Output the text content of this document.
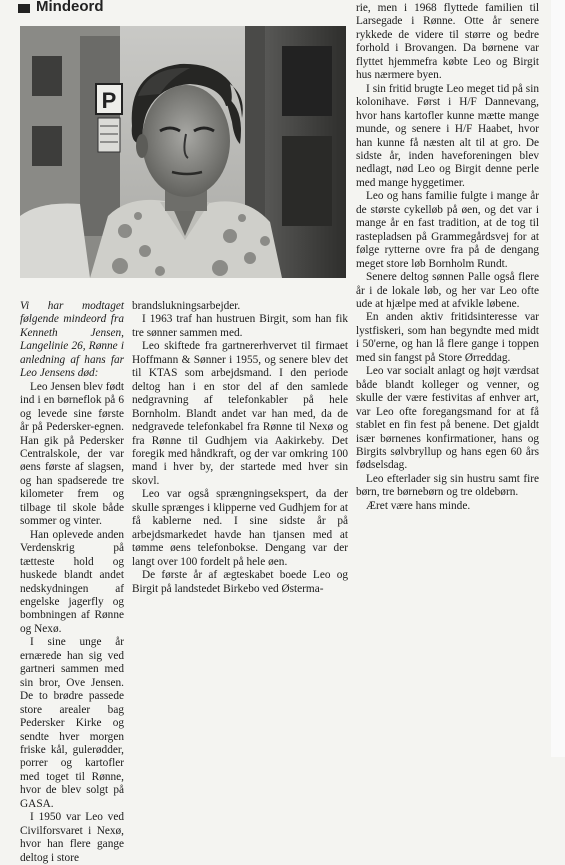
Mindeord
P

Vi har modtaget følgende mindeord fra Kenneth Jensen, Langelinie 26, Rønne i anledning af hans far Leo Jensens død:

Leo Jensen blev født ind i en børneflok på 6 og levede sine første år på Pedersker-egnen. Han gik på Pedersker Centralskole, der var øens første af slagsen, og han spadserede tre kilometer frem og tilbage til skole både sommer og vinter.

Han oplevede anden Verdenskrig på tætteste hold og huskede blandt andet nedskydningen af engelske jagerfly og bombningen af Rønne og Nexø.

I sine unge år ernærede han sig ved gartneri sammen med sin bror, Ove Jensen. De to brødre passede store arealer bag Pedersker Kirke og sendte hver morgen friske kål, gulerødder, porrer og kartofler med toget til Rønne, hvor de blev solgt på GASA.

I 1950 var Leo ved Civilforsvaret i Nexø, hvor han flere gange deltog i store

brandslukningsarbejder.

I 1963 traf han hustruen Birgit, som han fik tre sønner sammen med.

Leo skiftede fra gartnererhvervet til firmaet Hoffmann & Sønner i 1955, og senere blev det til KTAS som arbejdsmand. I den periode deltog han i en stor del af den samlede nedgravning af telefonkabler på hele Bornholm. Blandt andet var han med, da de nedgravede telefonkabel fra Rønne til Nexø og fra Rønne til Gudhjem via Aakirkeby. Det foregik med håndkraft, og der var omkring 100 mand i hver by, der startede med hver sin skovl.

Leo var også sprængningsekspert, da der skulle sprænges i klipperne ved Gudhjem for at få kablerne ned. I sine sidste år på arbejdsmarkedet havde han tjansen med at tømme øens telefonbokse. Dengang var der langt over 100 fordelt på hele øen.

De første år af ægteskabet boede Leo og Birgit på landstedet Birkebo ved Østerma-

rie, men i 1968 flyttede familien til Larsegade i Rønne. Otte år senere rykkede de videre til større og bedre forhold i Brovangen. Da børnene var flyttet hjemmefra købte Leo og Birgit hus nærmere byen.

I sin fritid brugte Leo meget tid på sin kolonihave. Først i H/F Dannevang, hvor hans kartofler kunne mætte mange munde, og senere i H/F Haabet, hvor han kunne få næsten alt til at gro. De sidste år, inden haveforeningen blev nedlagt, nød Leo og Birgit denne perle med mange hyggetimer.

Leo og hans familie fulgte i mange år de største cykelløb på øen, og det var i mange år en fast tradition, at de tog til rastepladsen på Grammegårdsvej for at følge rytterne ovre fra på de dengang meget store løb Bornholm Rundt.

Senere deltog sønnen Palle også flere år i de lokale løb, og her var Leo ofte ude at hjælpe med at afvikle løbene.

En anden aktiv fritidsinteresse var lystfiskeri, som han begyndte med midt i 50'erne, og han lå flere gange i toppen med sin fangst på Store Ørreddag.

Leo var socialt anlagt og højt værdsat både blandt kolleger og venner, og skulle der være festivitas af enhver art, var Leo ofte foregangsmand for at få stablet en fin fest på benene. Det gjaldt især børnenes konfirmationer, hans og Birgits sølvbryllup og hans egen 60 års fødselsdag.

Leo efterlader sig sin hustru samt fire børn, tre børnebørn og tre oldebørn.

Æret være hans minde.
